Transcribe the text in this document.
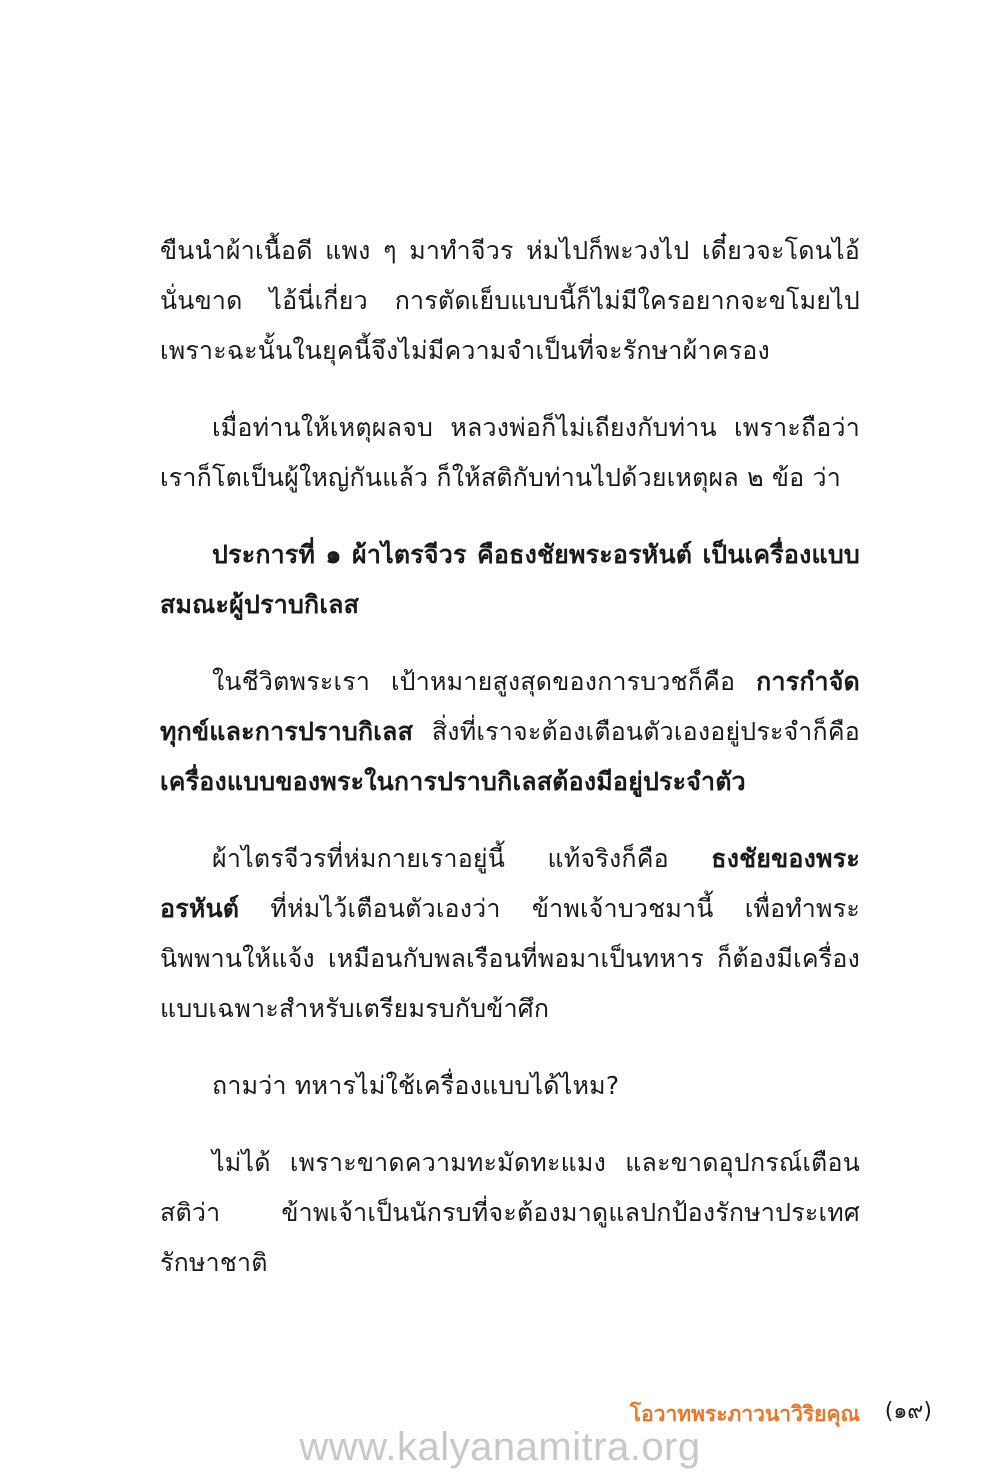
ขืนนำผ้าเนื้อดี แพง ๆ มาทำจีวร ห่มไปก็พะวงไป เดี๋ยวจะโดนไอ้นั่นขาด ไอ้นี่เกี่ยว การตัดเย็บแบบนี้ก็ไม่มีใครอยากจะขโมยไป เพราะฉะนั้นในยุคนี้จึงไม่มีความจำเป็นที่จะรักษาผ้าครอง

เมื่อท่านให้เหตุผลจบ หลวงพ่อก็ไม่เถียงกับท่าน เพราะถือว่าเราก็โตเป็นผู้ใหญ่กันแล้ว ก็ให้สติกับท่านไปด้วยเหตุผล ๒ ข้อ ว่า

ประการที่ ๑ ผ้าไตรจีวร คือธงชัยพระอรหันต์ เป็นเครื่องแบบสมณะผู้ปราบกิเลส

ในชีวิตพระเรา เป้าหมายสูงสุดของการบวชก็คือ การกำจัดทุกข์และการปราบกิเลส สิ่งที่เราจะต้องเตือนตัวเองอยู่ประจำก็คือ เครื่องแบบของพระในการปราบกิเลสต้องมีอยู่ประจำตัว

ผ้าไตรจีวรที่ห่มกายเราอยู่นี้ แท้จริงก็คือ ธงชัยของพระอรหันต์ ที่ห่มไว้เตือนตัวเองว่า ข้าพเจ้าบวชมานี้ เพื่อทำพระนิพพานให้แจ้ง เหมือนกับพลเรือนที่พอมาเป็นทหาร ก็ต้องมีเครื่องแบบเฉพาะสำหรับเตรียมรบกับข้าศึก

ถามว่า ทหารไม่ใช้เครื่องแบบได้ไหม?

ไม่ได้ เพราะขาดความทะมัดทะแมง และขาดอุปกรณ์เตือนสติว่า ข้าพเจ้าเป็นนักรบที่จะต้องมาดูแลปกป้องรักษาประเทศ รักษาชาติ

โอวาทพระภาวนาวิริยคุณ (๑๙)
www.kalyanamitra.org
